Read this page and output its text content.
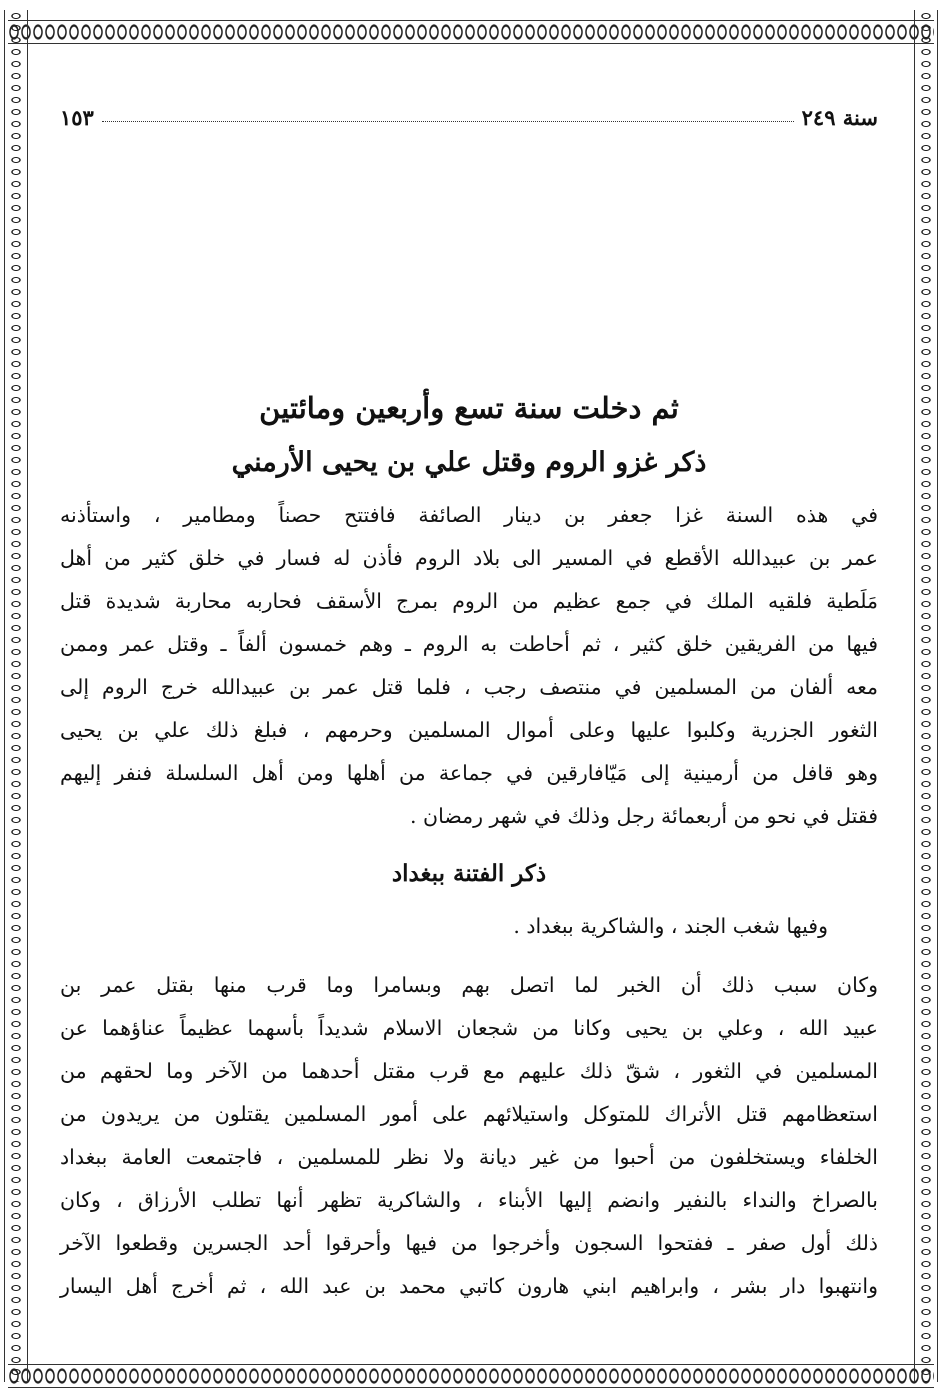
سنة ٢٤٩
١٥٣
ثم دخلت سنة تسع وأربعين ومائتين
ذكر غزو الروم وقتل علي بن يحيى الأرمني
في هذه السنة غزا جعفر بن دينار الصائفة فافتتح حصناً ومطامير ، واستأذنه
عمر بن عبيدالله الأقطع في المسير الى بلاد الروم فأذن له فسار في خلق كثير من أهل
مَلَطية فلقيه الملك في جمع عظيم من الروم بمرج الأسقف فحاربه محاربة شديدة قتل
فيها من الفريقين خلق كثير ، ثم أحاطت به الروم ـ وهم خمسون ألفاً ـ وقتل عمر وممن
معه ألفان من المسلمين في منتصف رجب ، فلما قتل عمر بن عبيدالله خرج الروم إلى
الثغور الجزرية وكلبوا عليها وعلى أموال المسلمين وحرمهم ، فبلغ ذلك علي بن يحيى
وهو قافل من أرمينية إلى مَيّافارقين في جماعة من أهلها ومن أهل السلسلة فنفر إليهم
فقتل في نحو من أربعمائة رجل وذلك في شهر رمضان .
ذكر الفتنة ببغداد
وفيها شغب الجند ، والشاكرية ببغداد .
وكان سبب ذلك أن الخبر لما اتصل بهم وبسامرا وما قرب منها بقتل عمر بن
عبيد الله ، وعلي بن يحيى وكانا من شجعان الاسلام شديداً بأسهما عظيماً عناؤهما عن
المسلمين في الثغور ، شقّ ذلك عليهم مع قرب مقتل أحدهما من الآخر وما لحقهم من
استعظامهم قتل الأتراك للمتوكل واستيلائهم على أمور المسلمين يقتلون من يريدون من
الخلفاء ويستخلفون من أحبوا من غير ديانة ولا نظر للمسلمين ، فاجتمعت العامة ببغداد
بالصراخ والنداء بالنفير وانضم إليها الأبناء ، والشاكرية تظهر أنها تطلب الأرزاق ، وكان
ذلك أول صفر ـ ففتحوا السجون وأخرجوا من فيها وأحرقوا أحد الجسرين وقطعوا الآخر
وانتهبوا دار بشر ، وابراهيم ابني هارون كاتبي محمد بن عبد الله ، ثم أخرج أهل اليسار
